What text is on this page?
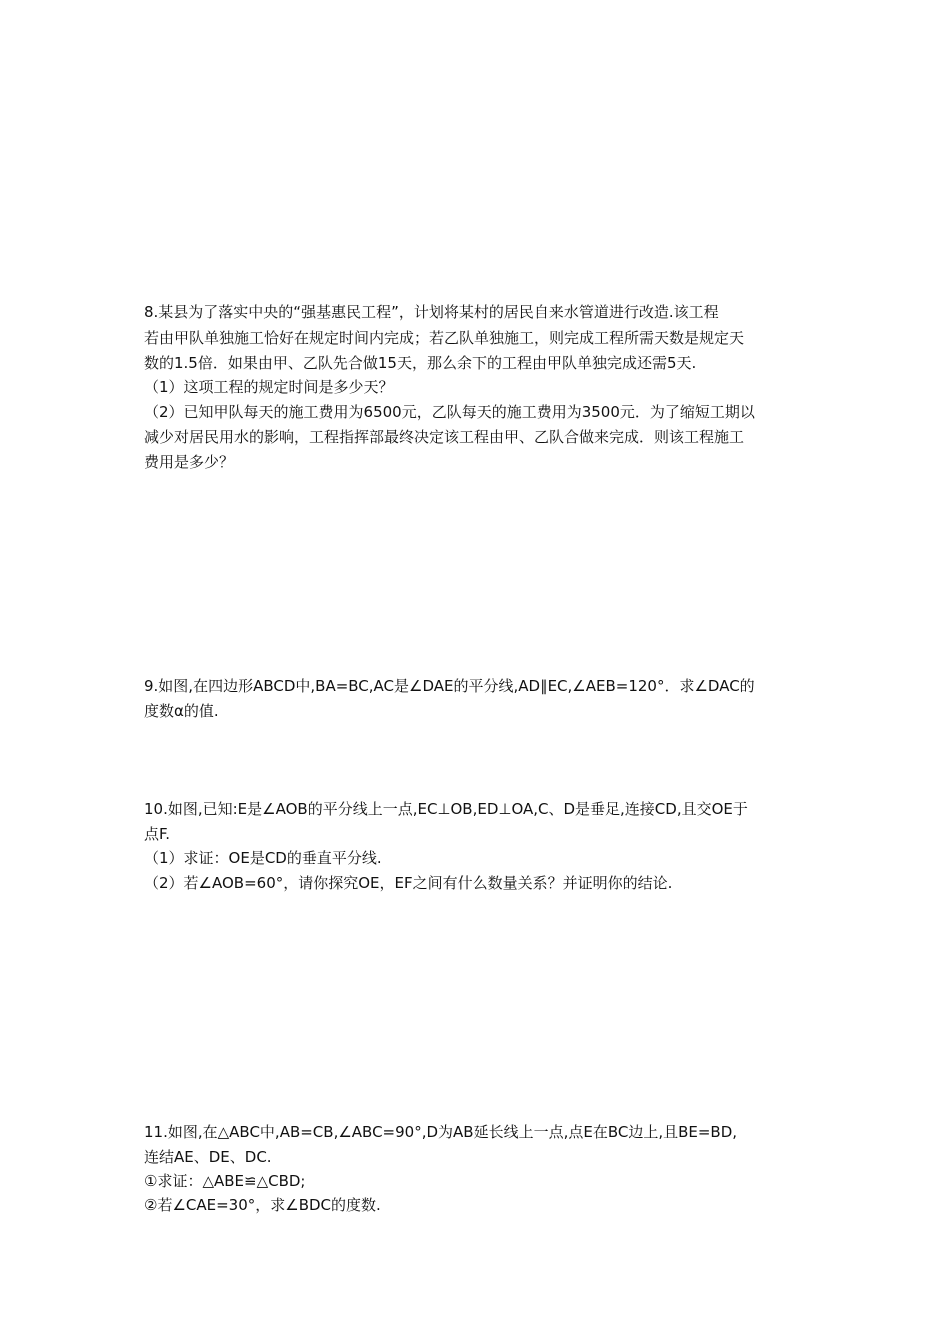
8.某县为了落实中央的“强基惠民工程”，计划将某村的居民自来水管道进行改造.该工程
若由甲队单独施工恰好在规定时间内完成；若乙队单独施工，则完成工程所需天数是规定天
数的1.5倍．如果由甲、乙队先合做15天，那么余下的工程由甲队单独完成还需5天.
（1）这项工程的规定时间是多少天？
（2）已知甲队每天的施工费用为6500元，乙队每天的施工费用为3500元．为了缩短工期以
减少对居民用水的影响，工程指挥部最终决定该工程由甲、乙队合做来完成．则该工程施工
费用是多少？
9.如图,在四边形ABCD中,BA=BC,AC是∠DAE的平分线,AD∥EC,∠AEB=120°．求∠DAC的
度数α的值.
10.如图,已知:E是∠AOB的平分线上一点,EC⊥OB,ED⊥OA,C、D是垂足,连接CD,且交OE于
点F.
（1）求证：OE是CD的垂直平分线.
（2）若∠AOB=60°，请你探究OE，EF之间有什么数量关系？并证明你的结论.
11.如图,在△ABC中,AB=CB,∠ABC=90°,D为AB延长线上一点,点E在BC边上,且BE=BD,
连结AE、DE、DC.
①求证：△ABE≌△CBD;
②若∠CAE=30°，求∠BDC的度数.
